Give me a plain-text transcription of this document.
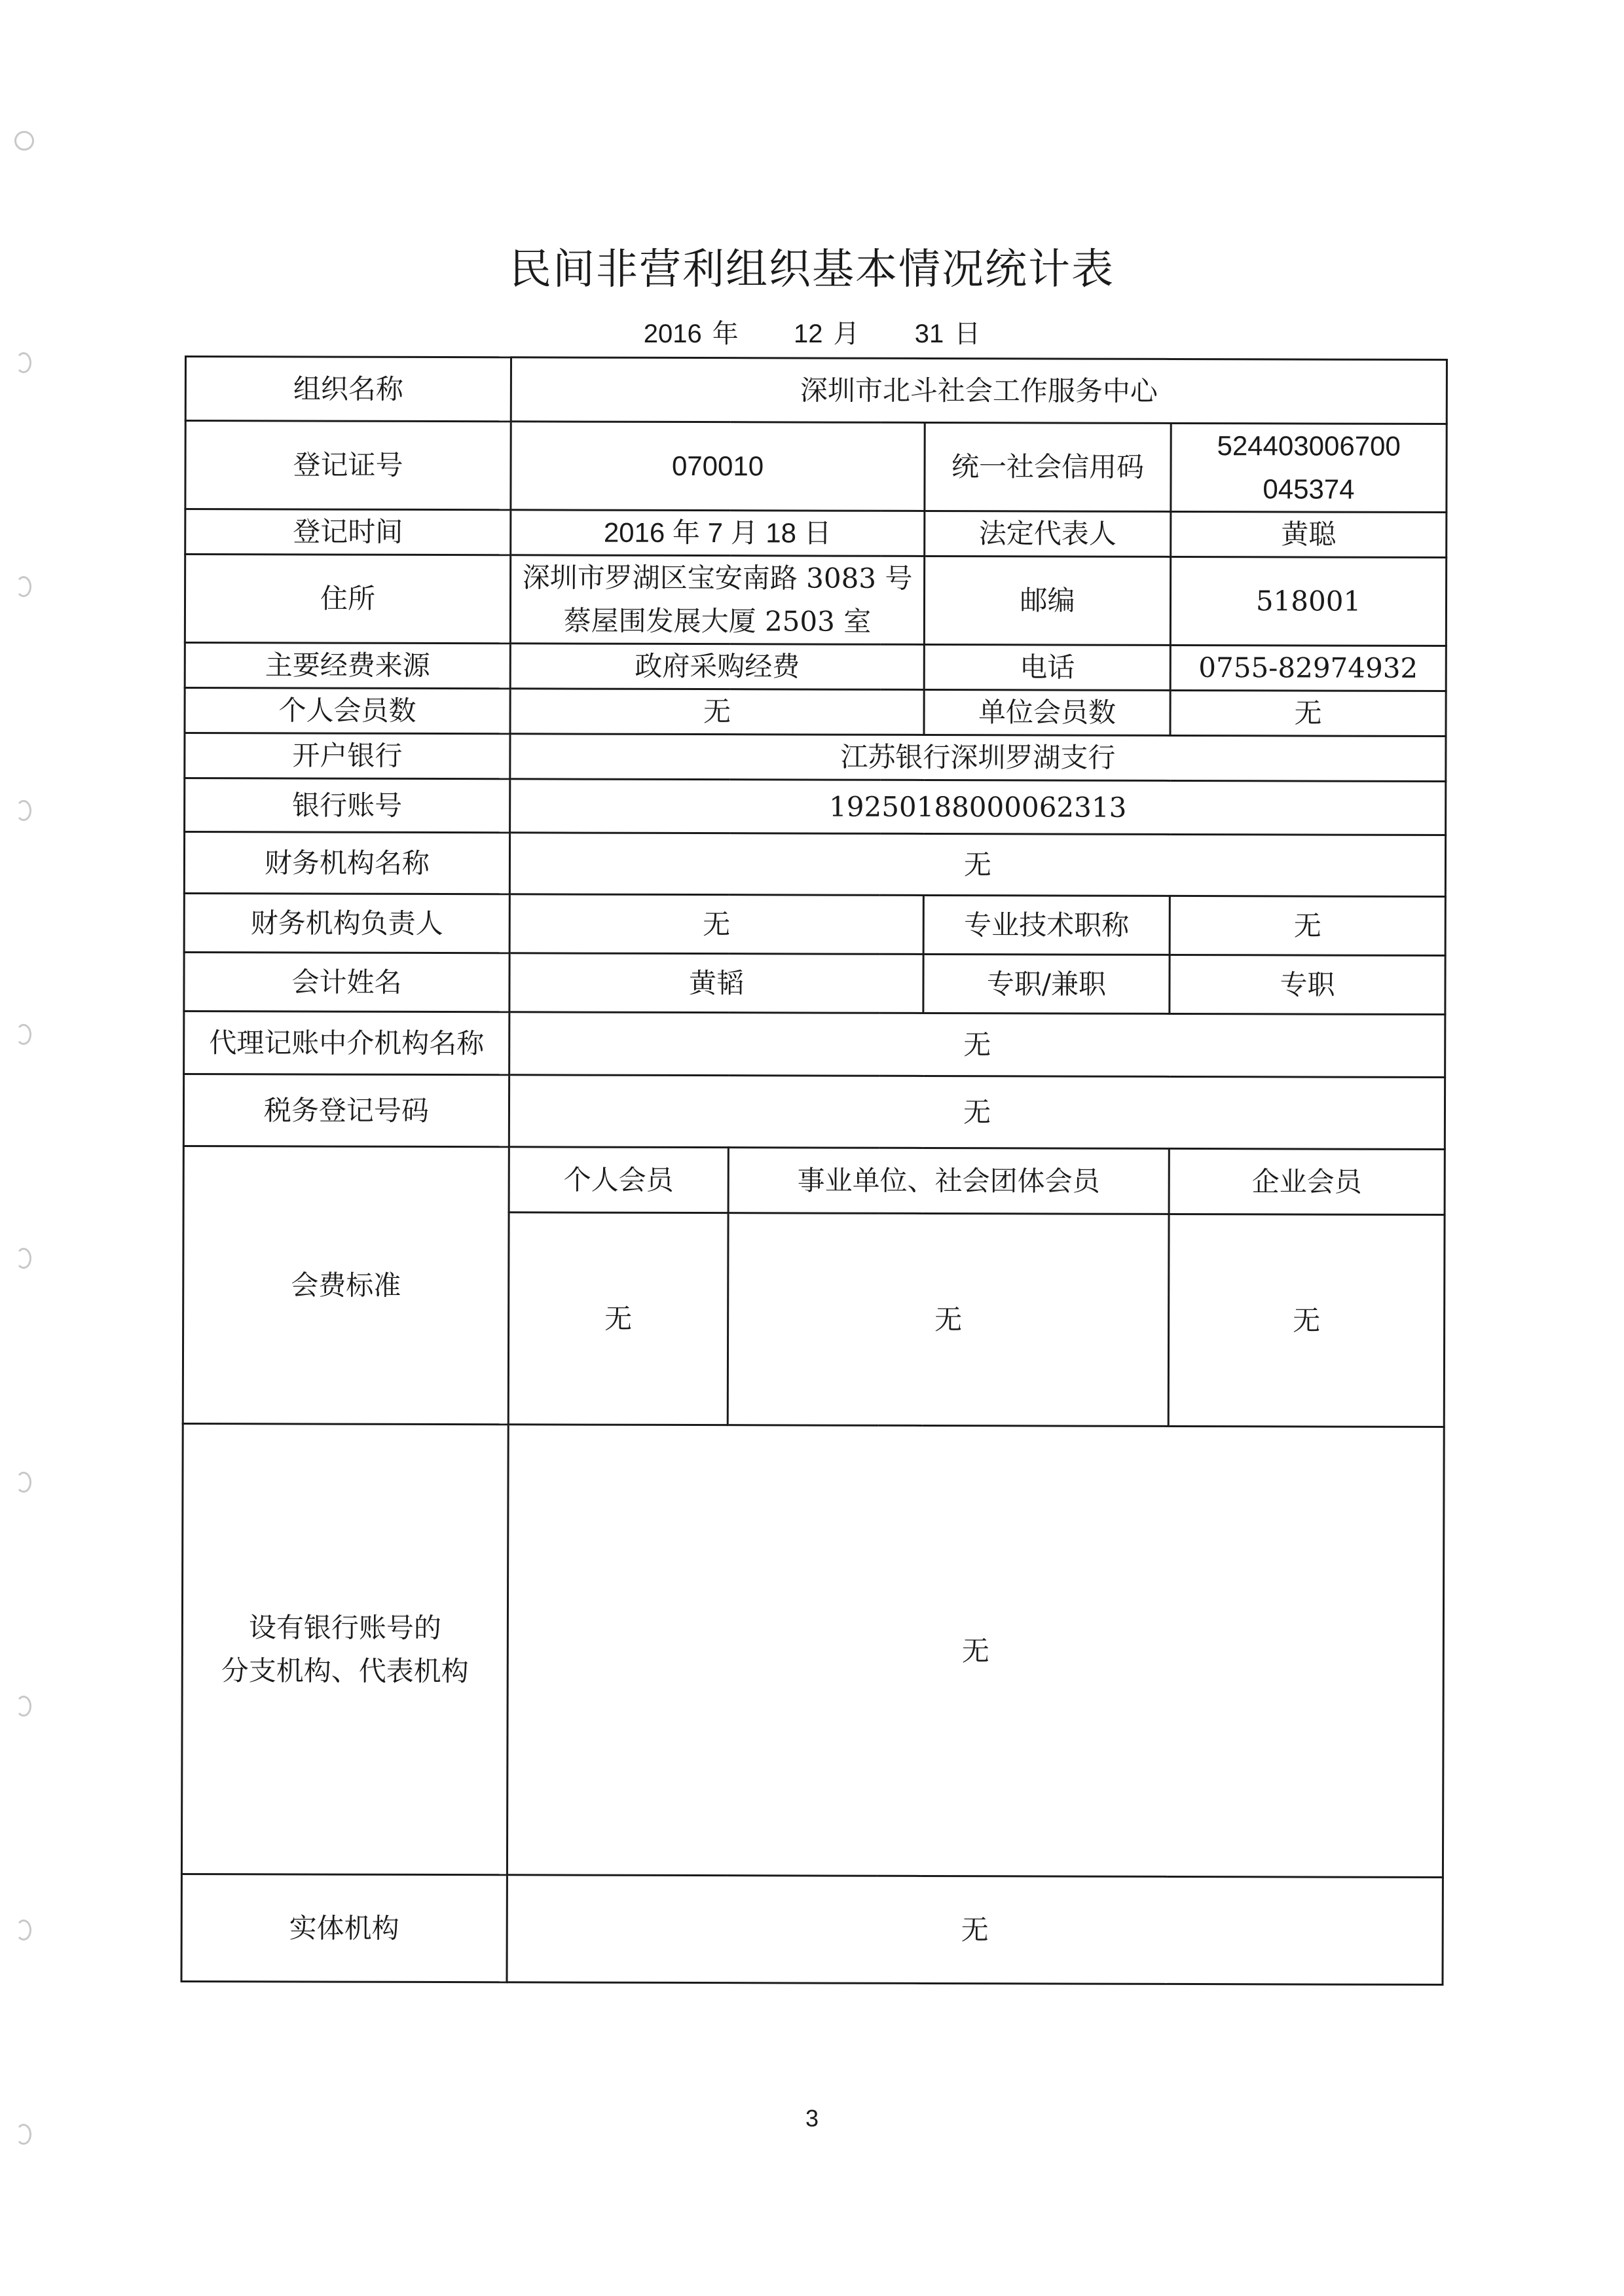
民间非营利组织基本情况统计表
2016 年 12 月 31 日
组织名称	深圳市北斗社会工作服务中心			
登记证号	070010		统一社会信用码	524403006700
045374

登记时间	2016 年 7 月 18 日		法定代表人	黄聪
住所	深圳市罗湖区宝安南路 3083 号
蔡屋围发展大厦 2503 室		邮编	518001
主要经费来源	政府采购经费		电话	0755-82974932
个人会员数	无		单位会员数	无
开户银行	江苏银行深圳罗湖支行			
银行账号	19250188000062313			
财务机构名称	无			
财务机构负责人	无		专业技术职称	无
会计姓名	黄韬		专职/兼职	专职
代理记账中介机构名称	无			
税务登记号码	无			
会费标准	个人会员	事业单位、社会团体会员		企业会员
	无	无		无

设有银行账号的
分支机构、代表机构	无			
实体机构	无			
3
